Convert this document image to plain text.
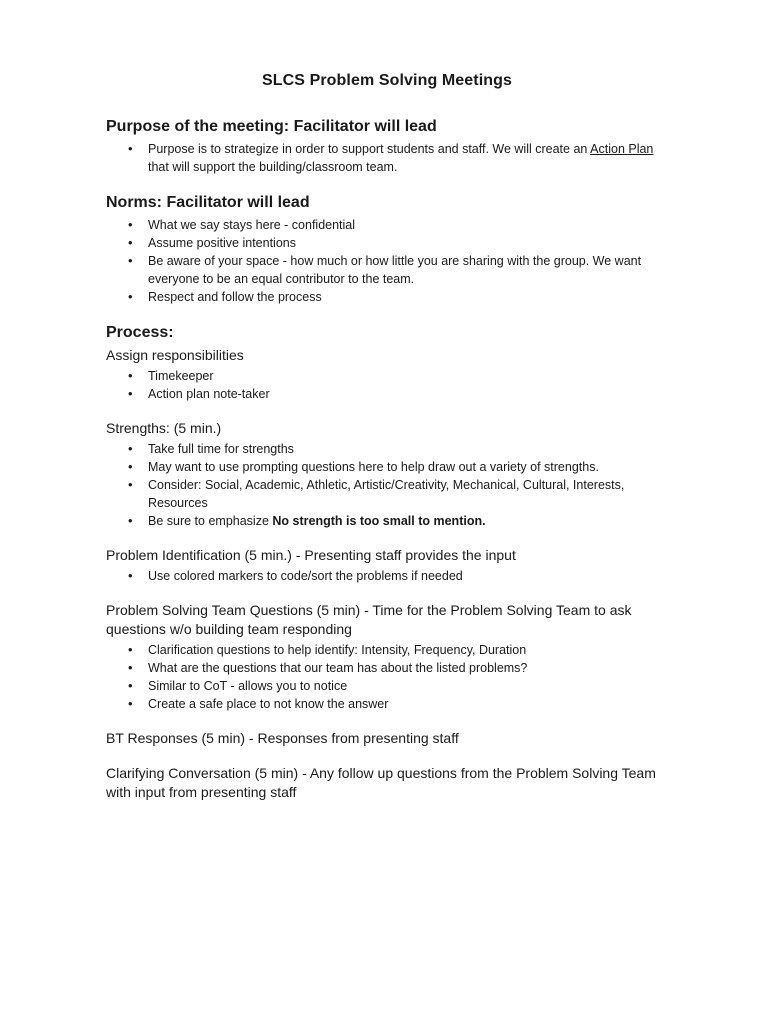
SLCS Problem Solving Meetings
Purpose of the meeting: Facilitator will lead
• Purpose is to strategize in order to support students and staff. We will create an Action Plan that will support the building/classroom team.
Norms: Facilitator will lead
• What we say stays here - confidential
• Assume positive intentions
• Be aware of your space - how much or how little you are sharing with the group. We want everyone to be an equal contributor to the team.
• Respect and follow the process
Process:
Assign responsibilities
• Timekeeper
• Action plan note-taker
Strengths: (5 min.)
• Take full time for strengths
• May want to use prompting questions here to help draw out a variety of strengths.
• Consider: Social, Academic, Athletic, Artistic/Creativity, Mechanical, Cultural, Interests, Resources
• Be sure to emphasize No strength is too small to mention.
Problem Identification (5 min.) - Presenting staff provides the input
• Use colored markers to code/sort the problems if needed
Problem Solving Team Questions (5 min) - Time for the Problem Solving Team to ask questions w/o building team responding
• Clarification questions to help identify: Intensity, Frequency, Duration
• What are the questions that our team has about the listed problems?
• Similar to CoT - allows you to notice
• Create a safe place to not know the answer
BT Responses (5 min) - Responses from presenting staff
Clarifying Conversation (5 min) - Any follow up questions from the Problem Solving Team with input from presenting staff
